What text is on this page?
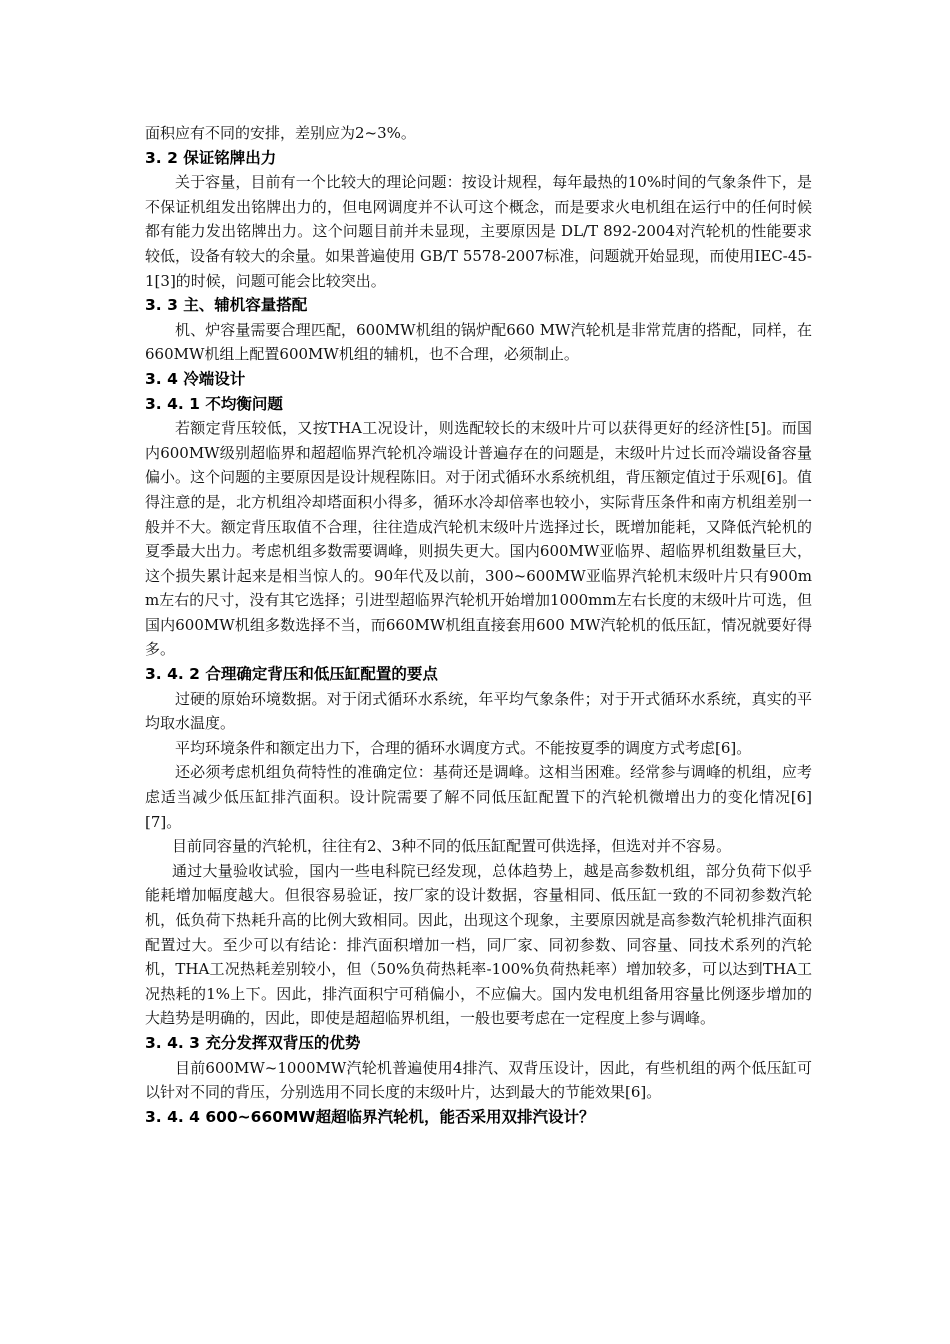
面积应有不同的安排，差别应为2~3%。

3. 2 保证铭牌出力

关于容量，目前有一个比较大的理论问题：按设计规程，每年最热的10%时间的气象条件下，是不保证机组发出铭牌出力的，但电网调度并不认可这个概念，而是要求火电机组在运行中的任何时候都有能力发出铭牌出力。这个问题目前并未显现，主要原因是 DL/T 892-2004对汽轮机的性能要求较低，设备有较大的余量。如果普遍使用 GB/T 5578-2007标准，问题就开始显现，而使用IEC-45-1[3]的时候，问题可能会比较突出。

3. 3 主、辅机容量搭配

机、炉容量需要合理匹配，600MW机组的锅炉配660 MW汽轮机是非常荒唐的搭配，同样，在660MW机组上配置600MW机组的辅机，也不合理，必须制止。

3. 4 冷端设计
3. 4. 1 不均衡问题

若额定背压较低，又按THA工况设计，则选配较长的末级叶片可以获得更好的经济性[5]。而国内600MW级别超临界和超超临界汽轮机冷端设计普遍存在的问题是，末级叶片过长而冷端设备容量偏小。这个问题的主要原因是设计规程陈旧。对于闭式循环水系统机组，背压额定值过于乐观[6]。值得注意的是，北方机组冷却塔面积小得多，循环水冷却倍率也较小，实际背压条件和南方机组差别一般并不大。额定背压取值不合理，往往造成汽轮机末级叶片选择过长，既增加能耗，又降低汽轮机的夏季最大出力。考虑机组多数需要调峰，则损失更大。国内600MW亚临界、超临界机组数量巨大，这个损失累计起来是相当惊人的。90年代及以前，300~600MW亚临界汽轮机末级叶片只有900mm左右的尺寸，没有其它选择；引进型超临界汽轮机开始增加1000mm左右长度的末级叶片可选，但国内600MW机组多数选择不当，而660MW机组直接套用600 MW汽轮机的低压缸，情况就要好得多。

3. 4. 2 合理确定背压和低压缸配置的要点

过硬的原始环境数据。对于闭式循环水系统，年平均气象条件；对于开式循环水系统，真实的平均取水温度。

平均环境条件和额定出力下，合理的循环水调度方式。不能按夏季的调度方式考虑[6]。

还必须考虑机组负荷特性的准确定位：基荷还是调峰。这相当困难。经常参与调峰的机组，应考虑适当减少低压缸排汽面积。设计院需要了解不同低压缸配置下的汽轮机微增出力的变化情况[6][7]。

目前同容量的汽轮机，往往有2、3种不同的低压缸配置可供选择，但选对并不容易。

通过大量验收试验，国内一些电科院已经发现，总体趋势上，越是高参数机组，部分负荷下似乎能耗增加幅度越大。但很容易验证，按厂家的设计数据，容量相同、低压缸一致的不同初参数汽轮机，低负荷下热耗升高的比例大致相同。因此，出现这个现象，主要原因就是高参数汽轮机排汽面积配置过大。至少可以有结论：排汽面积增加一档，同厂家、同初参数、同容量、同技术系列的汽轮机，THA工况热耗差别较小，但（50%负荷热耗率-100%负荷热耗率）增加较多，可以达到THA工况热耗的1%上下。因此，排汽面积宁可稍偏小，不应偏大。国内发电机组备用容量比例逐步增加的大趋势是明确的，因此，即使是超超临界机组，一般也要考虑在一定程度上参与调峰。

3. 4. 3 充分发挥双背压的优势

目前600MW~1000MW汽轮机普遍使用4排汽、双背压设计，因此，有些机组的两个低压缸可以针对不同的背压，分别选用不同长度的末级叶片，达到最大的节能效果[6]。

3. 4. 4 600~660MW超超临界汽轮机，能否采用双排汽设计？
